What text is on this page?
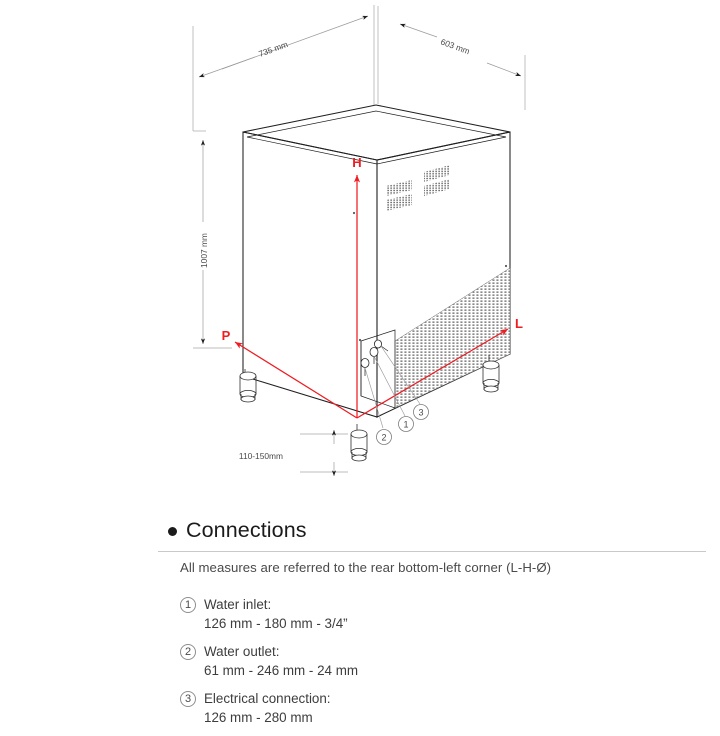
735 mm	603 mm
1007 mm
110-150mm
H
P
L
1
2
3
Connections
All measures are referred to the rear bottom-left corner (L-H-Ø)
1 Water inlet:
126 mm - 180 mm - 3/4”
2 Water outlet:
61 mm - 246 mm - 24 mm
3 Electrical connection:
126 mm - 280 mm
